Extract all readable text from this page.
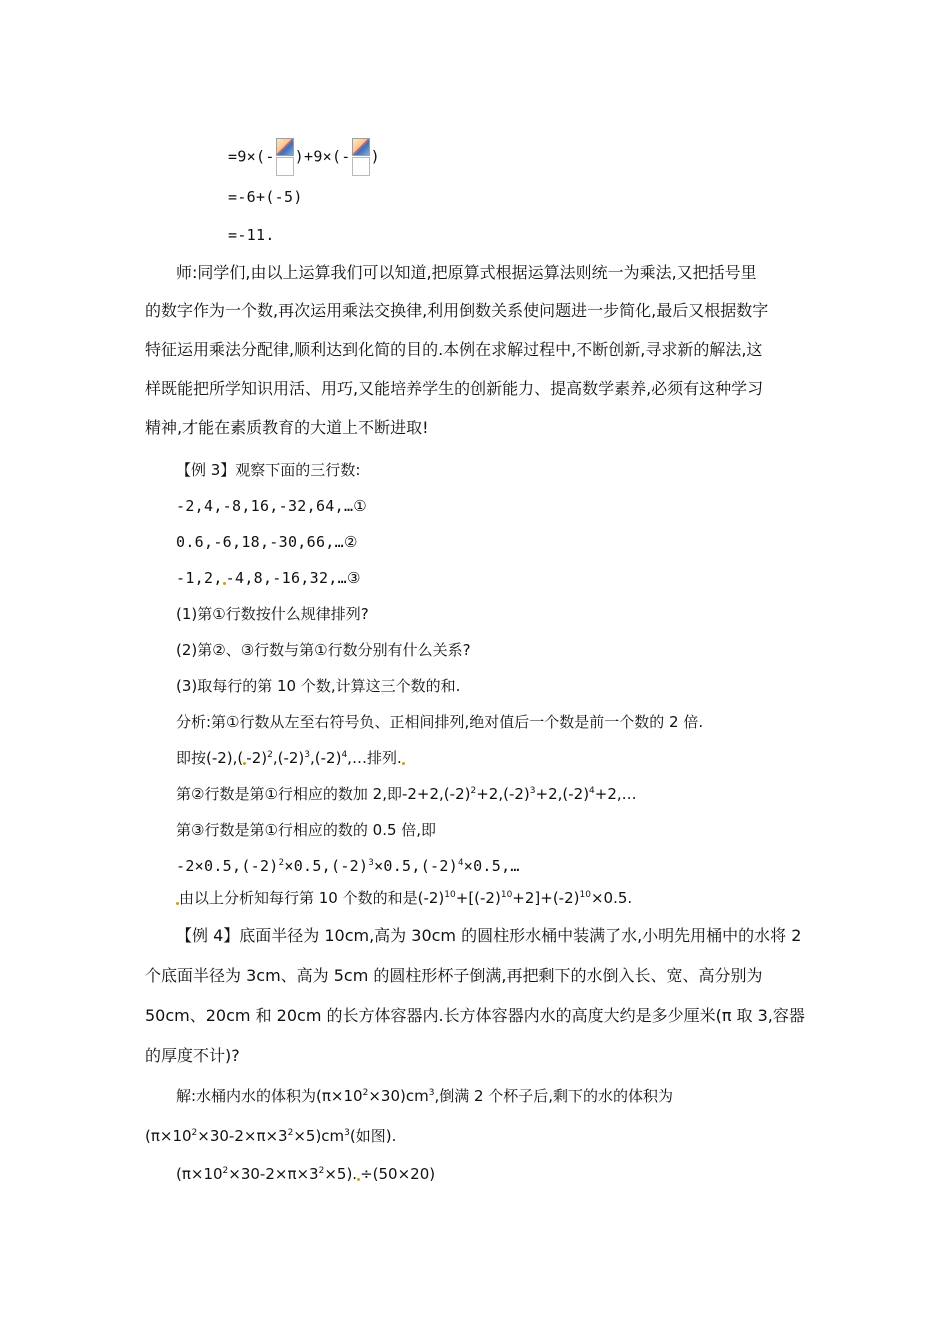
=9×(- )+9×(- )
=-6+(-5)
=-11.
师:同学们,由以上运算我们可以知道,把原算式根据运算法则统一为乘法,又把括号里
的数字作为一个数,再次运用乘法交换律,利用倒数关系使问题进一步简化,最后又根据数字
特征运用乘法分配律,顺利达到化简的目的.本例在求解过程中,不断创新,寻求新的解法,这
样既能把所学知识用活、用巧,又能培养学生的创新能力、提高数学素养,必须有这种学习
精神,才能在素质教育的大道上不断进取!
【例 3】观察下面的三行数:
-2,4,-8,16,-32,64,…①
0.6,-6,18,-30,66,…②
-1,2, -4,8,-16,32,…③
(1)第①行数按什么规律排列?
(2)第②、③行数与第①行数分别有什么关系?
(3)取每行的第 10 个数,计算这三个数的和.
分析:第①行数从左至右符号负、正相间排列,绝对值后一个数是前一个数的 2 倍.
即按(-2),( $-2)^2,(-2)^3,(-2)^4,\dots$排列.
第②行数是第①行相应的数加 2,即$-2+2,(-2)^2+2,(-2)^3+2,(-2)^4+2,\dots$
第③行数是第①行相应的数的 0.5 倍,即
$-2\times 0.5,(-2)^2\times 0.5,(-2)^3\times 0.5,(-2)^4\times 0.5,\dots$
由以上分析知每行第 10 个数的和是$(-2)^{10}+[(-2)^{10}+2]+(-2)^{10}\times 0.5$.
【例 4】底面半径为 10cm,高为 30cm 的圆柱形水桶中装满了水,小明先用桶中的水将 2
个底面半径为 3cm、高为 5cm 的圆柱形杯子倒满,再把剩下的水倒入长、宽、高分别为
50cm、20cm 和 20cm 的长方体容器内.长方体容器内水的高度大约是多少厘米(π 取 3,容器
的厚度不计)?
解:水桶内水的体积为$(\pi\times 10^2\times 30)cm^3$,倒满 2 个杯子后,剩下的水的体积为
$(\pi\times 10^2\times 30-2\times\pi\times 3^2\times 5)cm^3$(如图).
$(\pi\times 10^2\times 30-2\times\pi\times 3^2\times 5)$. ÷(50×20)
